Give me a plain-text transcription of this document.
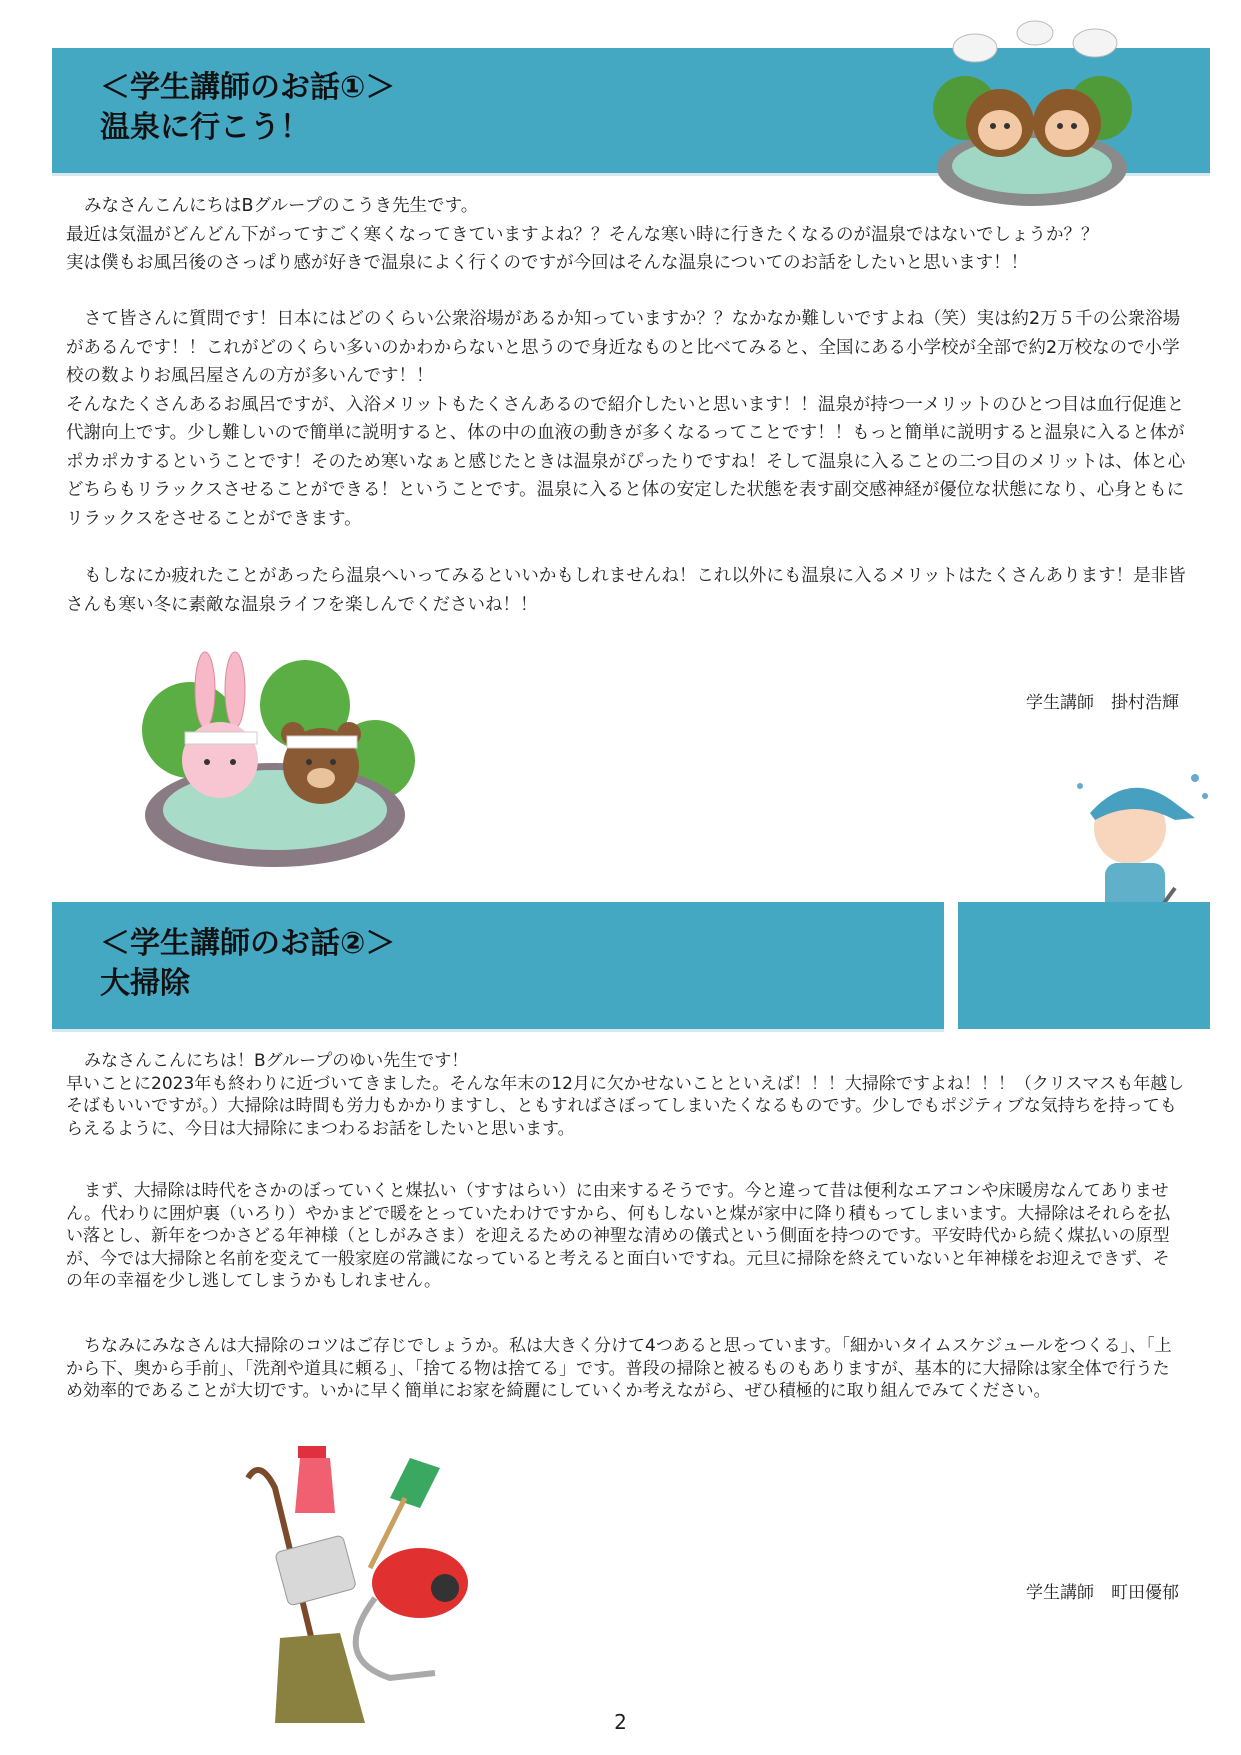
＜学生講師のお話①＞
温泉に行こう！

みなさんこんにちはBグループのこうき先生です。
最近は気温がどんどん下がってすごく寒くなってきていますよね？？そんな寒い時に行きたくなるのが温泉ではないでしょうか？？
実は僕もお風呂後のさっぱり感が好きで温泉によく行くのですが今回はそんな温泉についてのお話をしたいと思います！！

さて皆さんに質問です！日本にはどのくらい公衆浴場があるか知っていますか？？なかなか難しいですよね（笑）実は約2万５千の公衆浴場があるんです！！これがどのくらい多いのかわからないと思うので身近なものと比べてみると、全国にある小学校が全部で約2万校なので小学校の数よりお風呂屋さんの方が多いんです！！
そんなたくさんあるお風呂ですが、入浴メリットもたくさんあるので紹介したいと思います！！温泉が持つ一メリットのひとつ目は血行促進と代謝向上です。少し難しいので簡単に説明すると、体の中の血液の動きが多くなるってことです！！もっと簡単に説明すると温泉に入ると体がポカポカするということです！そのため寒いなぁと感じたときは温泉がぴったりですね！そして温泉に入ることの二つ目のメリットは、体と心どちらもリラックスさせることができる！ということです。温泉に入ると体の安定した状態を表す副交感神経が優位な状態になり、心身ともにリラックスをさせることができます。

もしなにか疲れたことがあったら温泉へいってみるといいかもしれませんね！これ以外にも温泉に入るメリットはたくさんあります！是非皆さんも寒い冬に素敵な温泉ライフを楽しんでくださいね！！

学生講師　掛村浩輝
＜学生講師のお話②＞
大掃除

みなさんこんにちは！Bグループのゆい先生です！
早いことに2023年も終わりに近づいてきました。そんな年末の12月に欠かせないことといえば！！！大掃除ですよね！！！（クリスマスも年越しそばもいいですが。）大掃除は時間も労力もかかりますし、ともすればさぼってしまいたくなるものです。少しでもポジティブな気持ちを持ってもらえるように、今日は大掃除にまつわるお話をしたいと思います。

まず、大掃除は時代をさかのぼっていくと煤払い（すすはらい）に由来するそうです。今と違って昔は便利なエアコンや床暖房なんてありません。代わりに囲炉裏（いろり）やかまどで暖をとっていたわけですから、何もしないと煤が家中に降り積もってしまいます。大掃除はそれらを払い落とし、新年をつかさどる年神様（としがみさま）を迎えるための神聖な清めの儀式という側面を持つのです。平安時代から続く煤払いの原型が、今では大掃除と名前を変えて一般家庭の常識になっていると考えると面白いですね。元旦に掃除を終えていないと年神様をお迎えできず、その年の幸福を少し逃してしまうかもしれません。

ちなみにみなさんは大掃除のコツはご存じでしょうか。私は大きく分けて4つあると思っています。「細かいタイムスケジュールをつくる」、「上から下、奥から手前」、「洗剤や道具に頼る」、「捨てる物は捨てる」です。普段の掃除と被るものもありますが、基本的に大掃除は家全体で行うため効率的であることが大切です。いかに早く簡単にお家を綺麗にしていくか考えながら、ぜひ積極的に取り組んでみてください。

学生講師　町田優郁
2
